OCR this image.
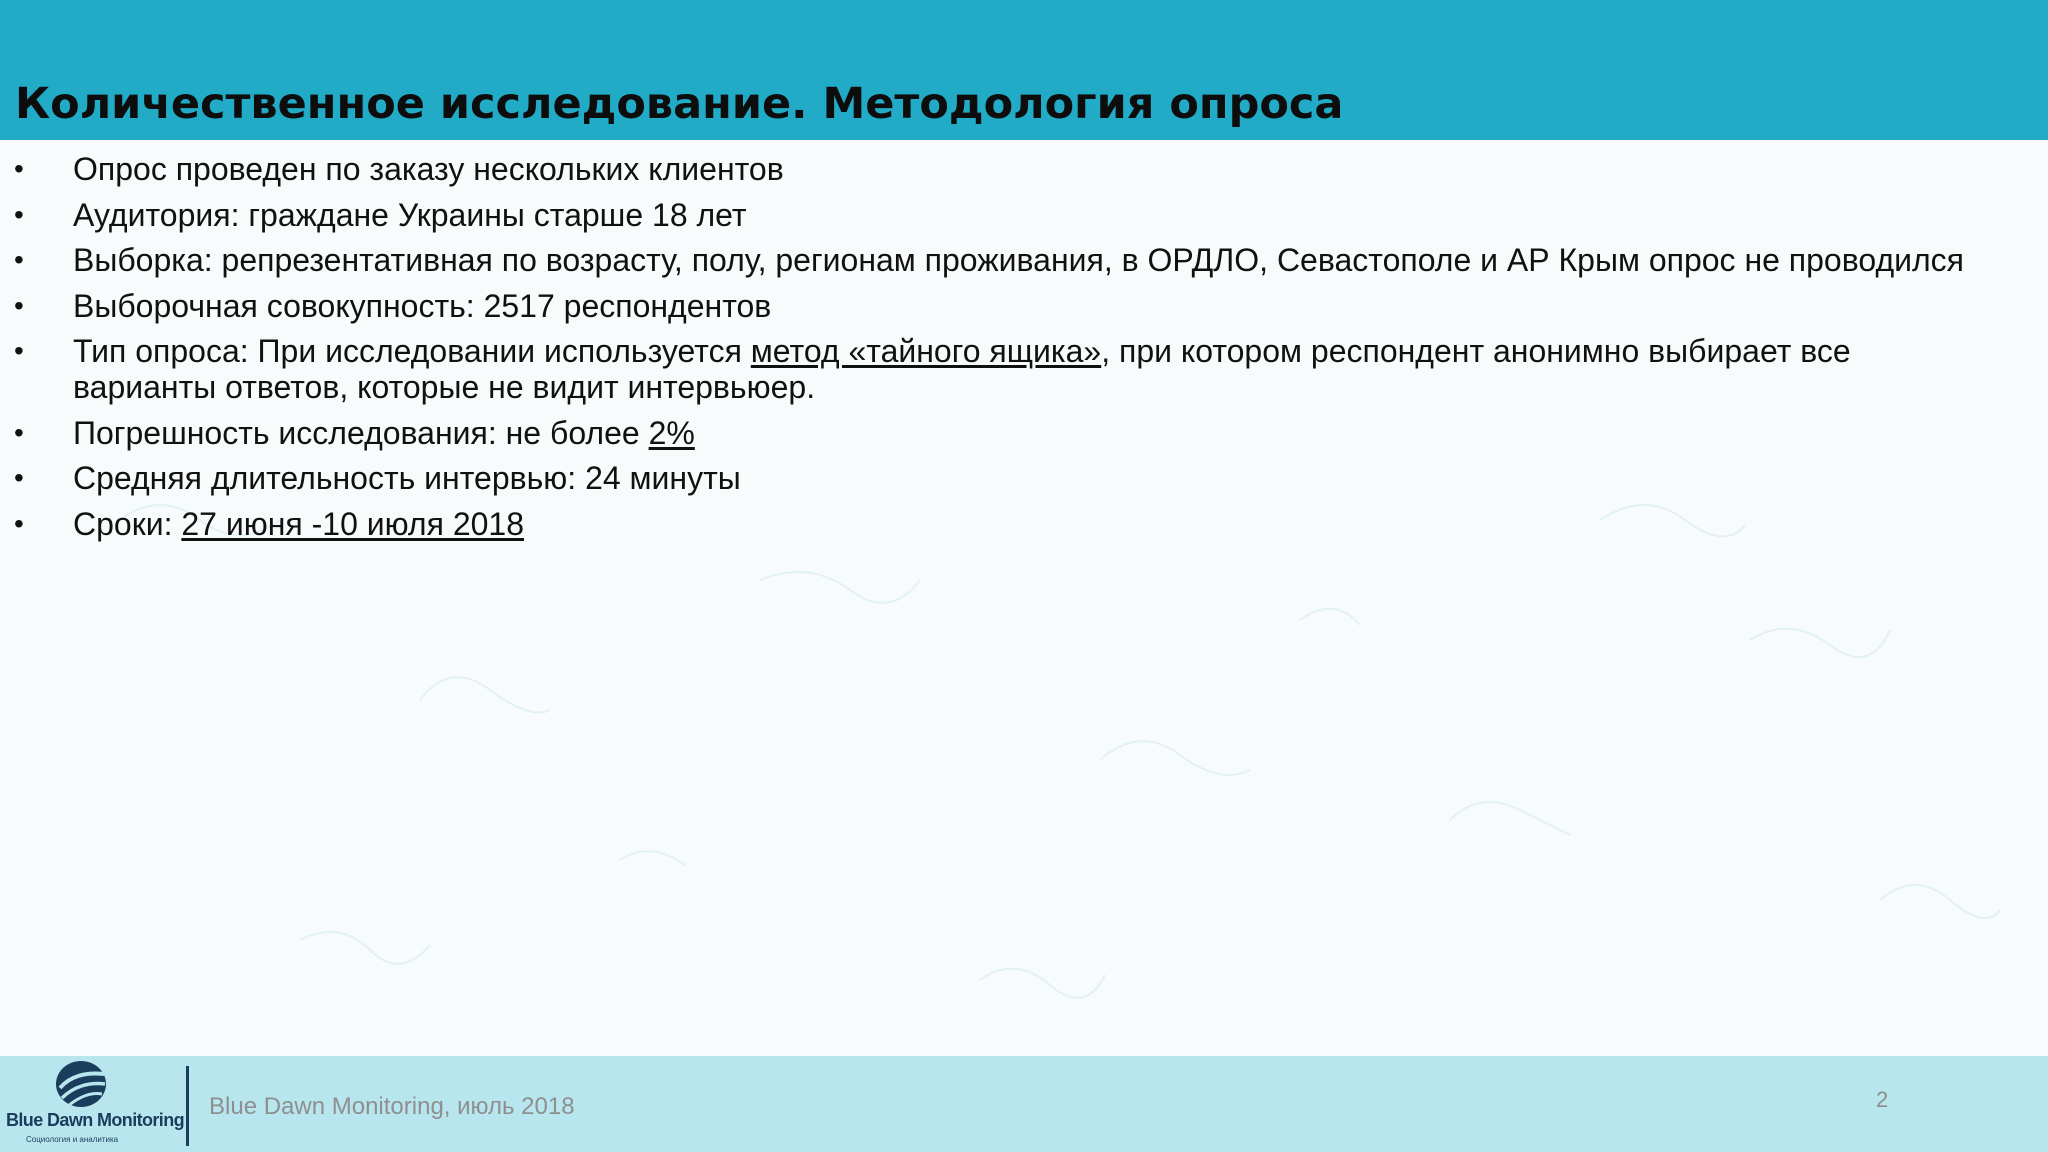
Количественное исследование. Методология опроса
• Опрос проведен по заказу нескольких клиентов
• Аудитория: граждане Украины старше 18 лет
• Выборка: репрезентативная по возрасту, полу, регионам проживания, в ОРДЛО, Севастополе и АР Крым опрос не проводился
• Выборочная совокупность: 2517 респондентов
• Тип опроса: При исследовании используется метод «тайного ящика», при котором респондент анонимно выбирает все варианты ответов, которые не видит интервьюер.
• Погрешность исследования: не более 2%
• Средняя длительность интервью: 24 минуты
• Сроки: 27 июня -10 июля 2018
Blue Dawn Monitoring
Социология и аналитика
Blue Dawn Monitoring, июль 2018	2
